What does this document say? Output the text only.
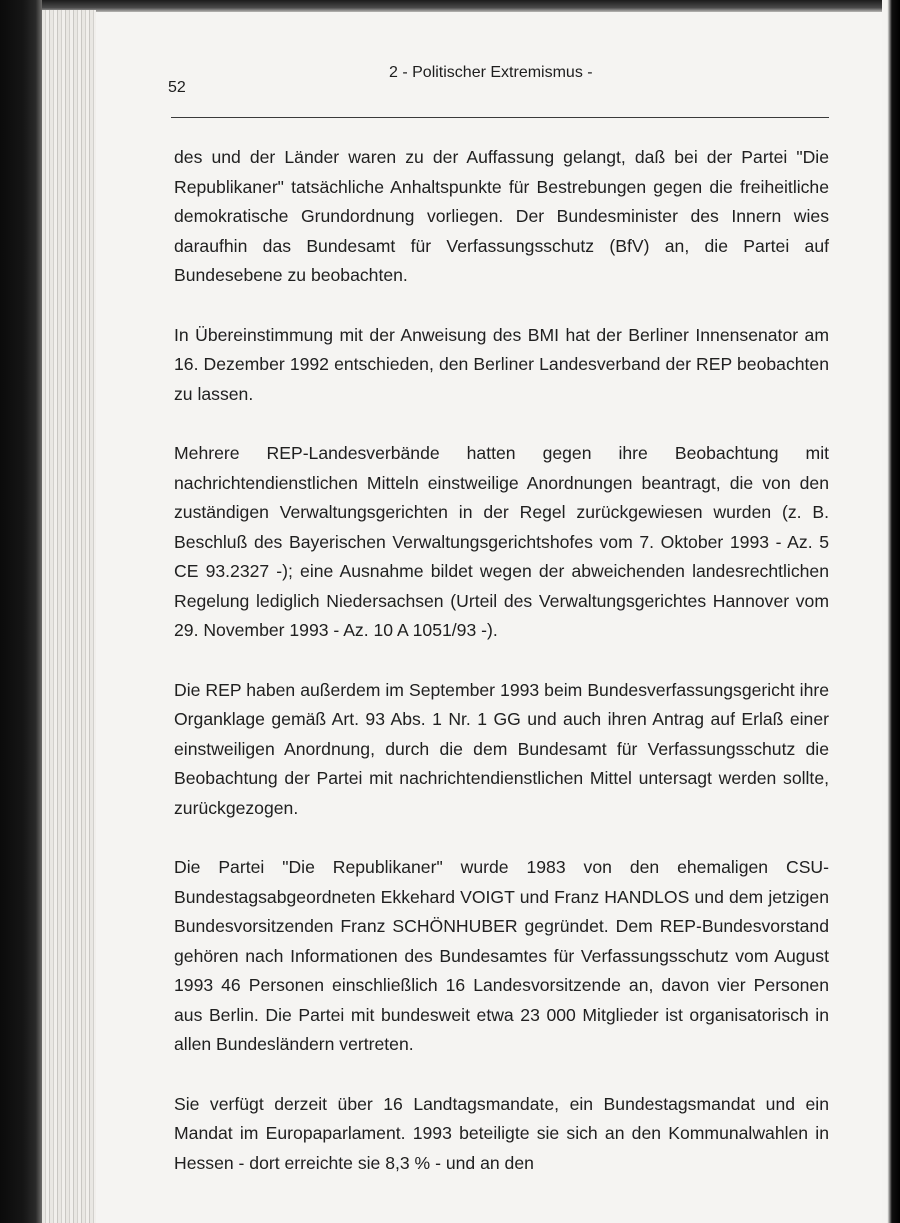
52
2 - Politischer Extremismus -

des und der Länder waren zu der Auffassung gelangt, daß bei der Partei "Die Republikaner" tatsächliche Anhaltspunkte für Bestrebungen gegen die freiheitliche demokratische Grundordnung vorliegen. Der Bundesminister des Innern wies daraufhin das Bundesamt für Verfassungsschutz (BfV) an, die Partei auf Bundesebene zu beobachten.

In Übereinstimmung mit der Anweisung des BMI hat der Berliner Innensenator am 16. Dezember 1992 entschieden, den Berliner Landesverband der REP beobachten zu lassen.

Mehrere REP-Landesverbände hatten gegen ihre Beobachtung mit nachrichtendienstlichen Mitteln einstweilige Anordnungen beantragt, die von den zuständigen Verwaltungsgerichten in der Regel zurückgewiesen wurden (z. B. Beschluß des Bayerischen Verwaltungsgerichtshofes vom 7. Oktober 1993 - Az. 5 CE 93.2327 -); eine Ausnahme bildet wegen der abweichenden landesrechtlichen Regelung lediglich Niedersachsen (Urteil des Verwaltungsgerichtes Hannover vom 29. November 1993 - Az. 10 A 1051/93 -).

Die REP haben außerdem im September 1993 beim Bundesverfassungsgericht ihre Organklage gemäß Art. 93 Abs. 1 Nr. 1 GG und auch ihren Antrag auf Erlaß einer einstweiligen Anordnung, durch die dem Bundesamt für Verfassungsschutz die Beobachtung der Partei mit nachrichtendienstlichen Mittel untersagt werden sollte, zurückgezogen.

Die Partei "Die Republikaner" wurde 1983 von den ehemaligen CSU-Bundestagsabgeordneten Ekkehard VOIGT und Franz HANDLOS und dem jetzigen Bundesvorsitzenden Franz SCHÖNHUBER gegründet. Dem REP-Bundesvorstand gehören nach Informationen des Bundesamtes für Verfassungsschutz vom August 1993 46 Personen einschließlich 16 Landesvorsitzende an, davon vier Personen aus Berlin. Die Partei mit bundesweit etwa 23 000 Mitglieder ist organisatorisch in allen Bundesländern vertreten.

Sie verfügt derzeit über 16 Landtagsmandate, ein Bundestagsmandat und ein Mandat im Europaparlament. 1993 beteiligte sie sich an den Kommunalwahlen in Hessen - dort erreichte sie 8,3 % - und an den
